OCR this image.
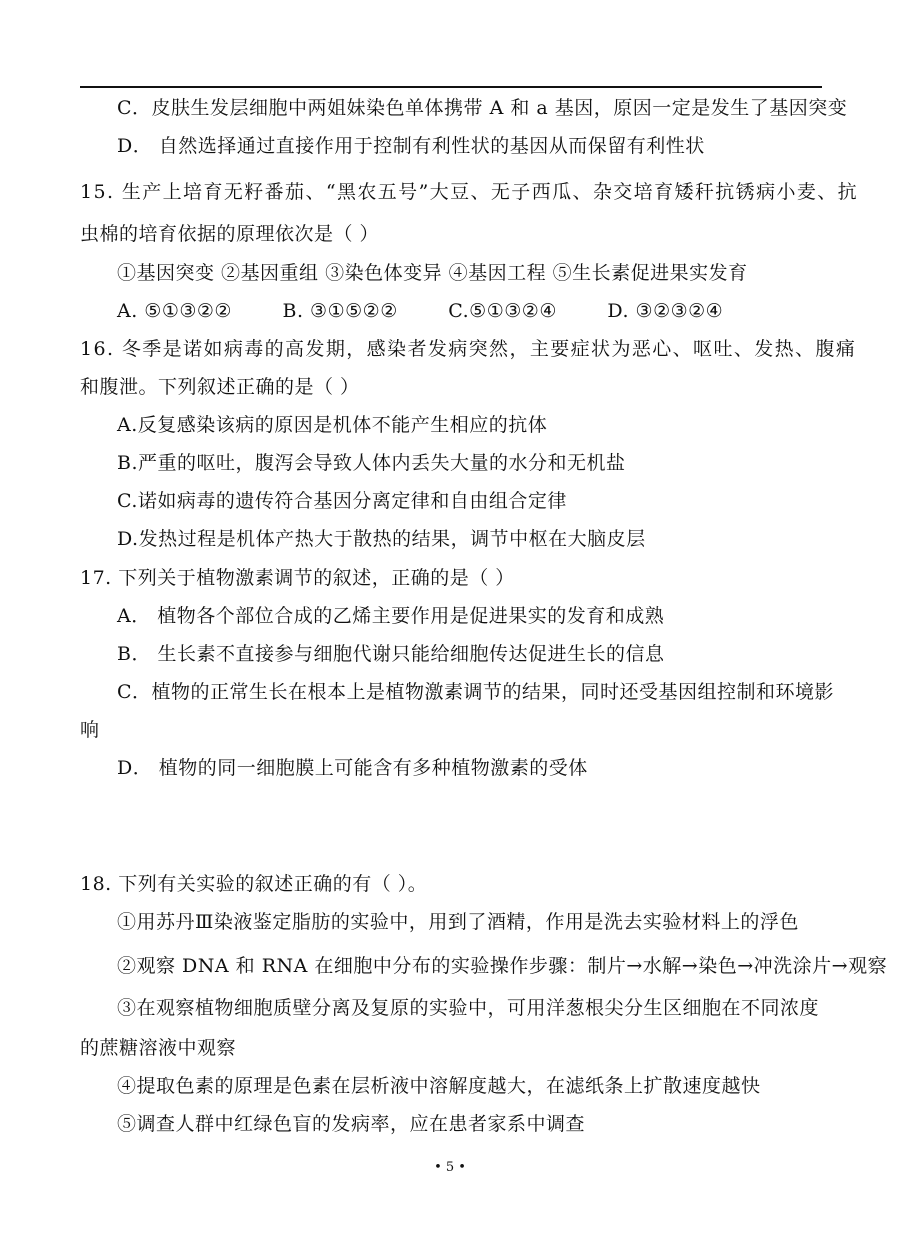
C．皮肤生发层细胞中两姐妹染色单体携带 A 和 a 基因，原因一定是发生了基因突变
D． 自然选择通过直接作用于控制有利性状的基因从而保留有利性状
15. 生产上培育无籽番茄、“黑农五号”大豆、无子西瓜、杂交培育矮秆抗锈病小麦、抗
虫棉的培育依据的原理依次是（ ）
①基因突变 ②基因重组 ③染色体变异 ④基因工程 ⑤生长素促进果实发育
A. ⑤①③②②	B. ③①⑤②②	C.⑤①③②④	D. ③②③②④
16. 冬季是诺如病毒的高发期，感染者发病突然，主要症状为恶心、呕吐、发热、腹痛
和腹泄。下列叙述正确的是（ ）
A.反复感染该病的原因是机体不能产生相应的抗体
B.严重的呕吐，腹泻会导致人体内丢失大量的水分和无机盐
C.诺如病毒的遗传符合基因分离定律和自由组合定律
D.发热过程是机体产热大于散热的结果，调节中枢在大脑皮层
17. 下列关于植物激素调节的叙述，正确的是（ ）
A． 植物各个部位合成的乙烯主要作用是促进果实的发育和成熟
B． 生长素不直接参与细胞代谢只能给细胞传达促进生长的信息
C．植物的正常生长在根本上是植物激素调节的结果，同时还受基因组控制和环境影
响
D． 植物的同一细胞膜上可能含有多种植物激素的受体
18. 下列有关实验的叙述正确的有（ ）。
①用苏丹Ⅲ染液鉴定脂肪的实验中，用到了酒精，作用是洗去实验材料上的浮色
②观察 DNA 和 RNA 在细胞中分布的实验操作步骤：制片→水解→染色→冲洗涂片→观察
③在观察植物细胞质壁分离及复原的实验中，可用洋葱根尖分生区细胞在不同浓度
的蔗糖溶液中观察
④提取色素的原理是色素在层析液中溶解度越大，在滤纸条上扩散速度越快
⑤调查人群中红绿色盲的发病率，应在患者家系中调查
• 5 •
